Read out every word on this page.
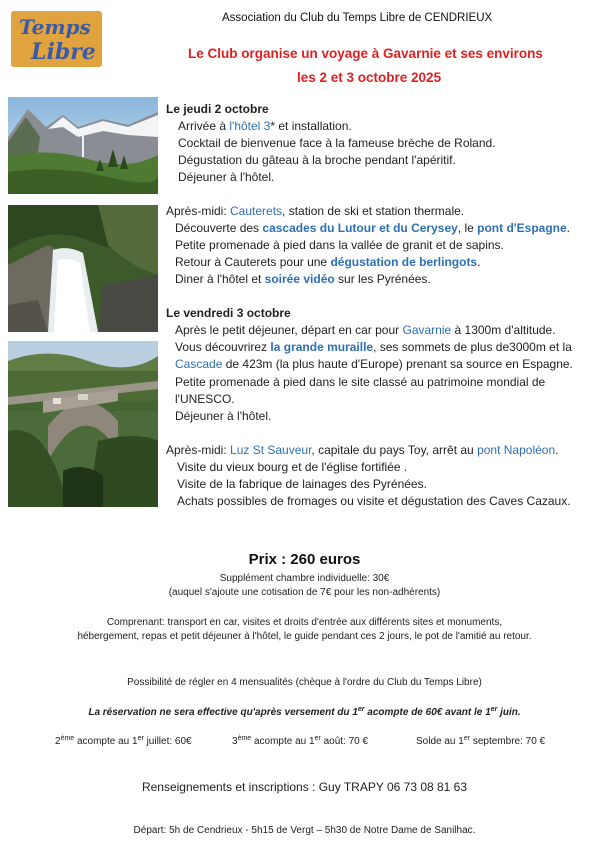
Temps
Libre
Association du Club du Temps Libre de CENDRIEUX
Le Club organise un voyage à Gavarnie et ses environs
les 2 et 3 octobre 2025
Le jeudi 2 octobre
Arrivée à l'hôtel 3* et installation.
Cocktail de bienvenue face à la fameuse brèche de Roland.
Dégustation du gâteau à la broche pendant l'apéritif.
Déjeuner à l'hôtel.
Après-midi: Cauterets, station de ski et station thermale.
Découverte des cascades du Lutour et du Cerysey, le pont d'Espagne.
Petite promenade à pied dans la vallée de granit et de sapins.
Retour à Cauterets pour une dégustation de berlingots.
Diner à l'hôtel et soirée vidéo sur les Pyrénées.
Le vendredi 3 octobre
Après le petit déjeuner, départ en car pour Gavarnie à 1300m d'altitude.
Vous découvrirez la grande muraille, ses sommets de plus de3000m et la
Cascade de 423m (la plus haute d'Europe) prenant sa source en Espagne.
Petite promenade à pied dans le site classé au patrimoine mondial de
l'UNESCO.
Déjeuner à l'hôtel.
Après-midi: Luz St Sauveur, capitale du pays Toy, arrêt au pont Napoléon.
Visite du vieux bourg et de l'église fortifiée .
Visite de la fabrique de lainages des Pyrénées.
Achats possibles de fromages ou visite et dégustation des Caves Cazaux.
Prix : 260 euros
Supplément chambre individuelle: 30€
(auquel s'ajoute une cotisation de 7€ pour les non-adhérents)
Comprenant: transport en car, visites et droits d'entrée aux différents sites et monuments,
hébergement, repas et petit déjeuner à l'hôtel, le guide pendant ces 2 jours, le pot de l'amitié au retour.
Possibilité de régler en 4 mensualités (chèque à l'ordre du Club du Temps Libre)
La réservation ne sera effective qu'après versement du 1er acompte de 60€ avant le 1er juin.
2ème acompte au 1er juillet: 60€	3ème acompte au 1er août: 70 €	Solde au 1er septembre: 70 €
Renseignements et inscriptions : Guy TRAPY 06 73 08 81 63
Départ: 5h de Cendrieux - 5h15 de Vergt – 5h30 de Notre Dame de Sanilhac.
